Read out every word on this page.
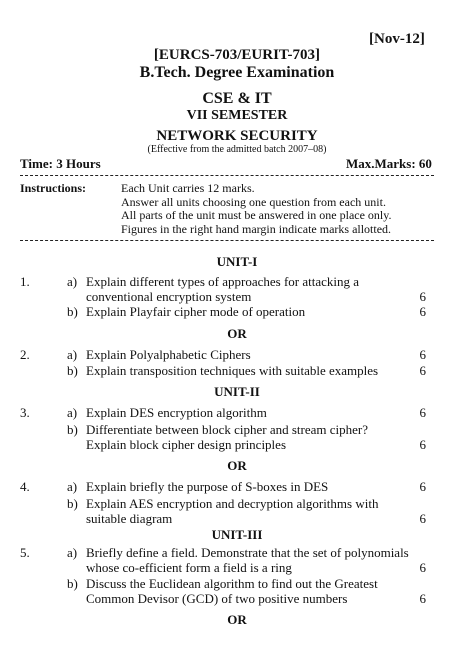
[Nov-12]
[EURCS-703/EURIT-703]
B.Tech. Degree Examination
CSE & IT
VII SEMESTER
NETWORK SECURITY
(Effective from the admitted batch 2007–08)
Time: 3 Hours	Max.Marks: 60
Instructions:	Each Unit carries 12 marks.
Answer all units choosing one question from each unit.
All parts of the unit must be answered in one place only.
Figures in the right hand margin indicate marks allotted.
UNIT-I
1.	a) Explain different types of approaches for attacking a
conventional encryption system	6
b) Explain Playfair cipher mode of operation	6
OR
2.	a) Explain Polyalphabetic Ciphers	6
b) Explain transposition techniques with suitable examples	6
UNIT-II
3.	a) Explain DES encryption algorithm	6
b) Differentiate between block cipher and stream cipher?
Explain block cipher design principles	6
OR
4.	a) Explain briefly the purpose of S-boxes in DES	6
b) Explain AES encryption and decryption algorithms with
suitable diagram	6
UNIT-III
5.	a) Briefly define a field. Demonstrate that the set of polynomials
whose co-efficient form a field is a ring	6
b) Discuss the Euclidean algorithm to find out the Greatest
Common Devisor (GCD) of two positive numbers	6
OR
